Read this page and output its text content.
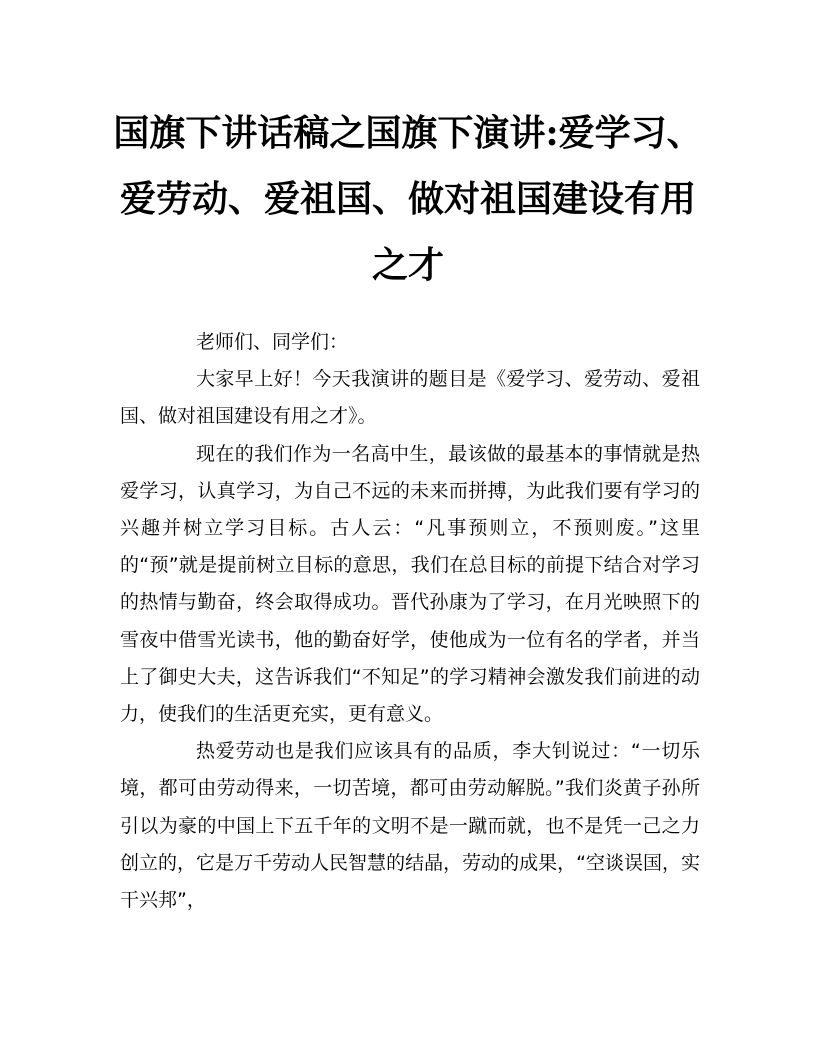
国旗下讲话稿之国旗下演讲:爱学习、爱劳动、爱祖国、做对祖国建设有用之才

老师们、同学们：

大家早上好！今天我演讲的题目是《爱学习、爱劳动、爱祖国、做对祖国建设有用之才》。

现在的我们作为一名高中生，最该做的最基本的事情就是热爱学习，认真学习，为自己不远的未来而拼搏，为此我们要有学习的兴趣并树立学习目标。古人云：“凡事预则立，不预则废。”这里的“预”就是提前树立目标的意思，我们在总目标的前提下结合对学习的热情与勤奋，终会取得成功。晋代孙康为了学习，在月光映照下的雪夜中借雪光读书，他的勤奋好学，使他成为一位有名的学者，并当上了御史大夫，这告诉我们“不知足”的学习精神会激发我们前进的动力，使我们的生活更充实，更有意义。

热爱劳动也是我们应该具有的品质，李大钊说过：“一切乐境，都可由劳动得来，一切苦境，都可由劳动解脱。”我们炎黄子孙所引以为豪的中国上下五千年的文明不是一蹴而就，也不是凭一己之力创立的，它是万千劳动人民智慧的结晶，劳动的成果，“空谈误国，实干兴邦”，
